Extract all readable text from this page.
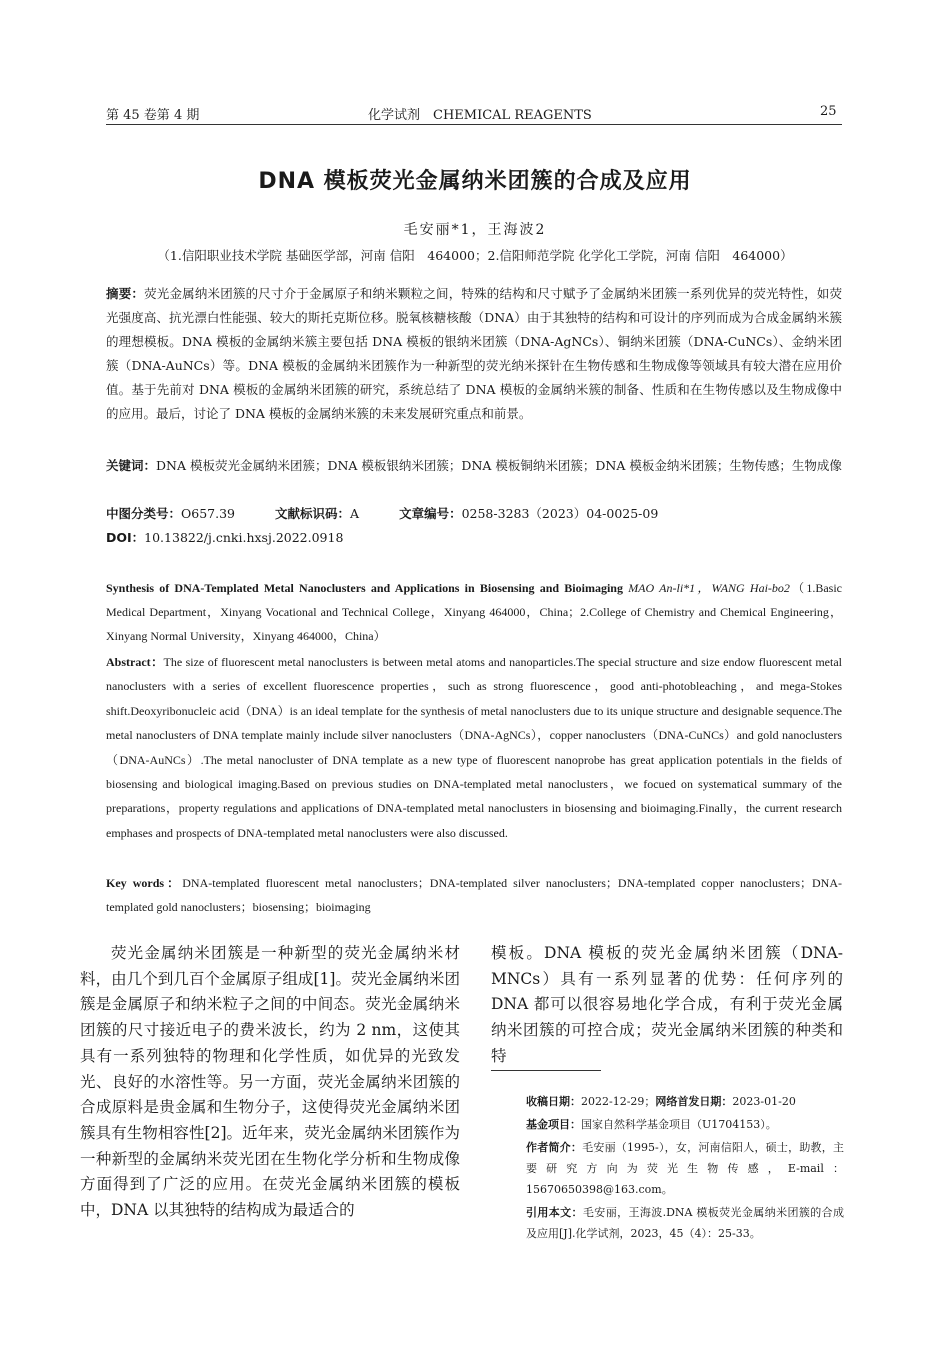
第 45 卷第 4 期	化学试剂　CHEMICAL REAGENTS	25
DNA 模板荧光金属纳米团簇的合成及应用
毛安丽*1，王海波2
（1.信阳职业技术学院 基础医学部，河南 信阳　464000；2.信阳师范学院 化学化工学院，河南 信阳　464000）
摘要：荧光金属纳米团簇的尺寸介于金属原子和纳米颗粒之间，特殊的结构和尺寸赋予了金属纳米团簇一系列优异的荧光特性，如荧光强度高、抗光漂白性能强、较大的斯托克斯位移。脱氧核糖核酸（DNA）由于其独特的结构和可设计的序列而成为合成金属纳米簇的理想模板。DNA 模板的金属纳米簇主要包括 DNA 模板的银纳米团簇（DNA-AgNCs）、铜纳米团簇（DNA-CuNCs）、金纳米团簇（DNA-AuNCs）等。DNA 模板的金属纳米团簇作为一种新型的荧光纳米探针在生物传感和生物成像等领域具有较大潜在应用价值。基于先前对 DNA 模板的金属纳米团簇的研究，系统总结了 DNA 模板的金属纳米簇的制备、性质和在生物传感以及生物成像中的应用。最后，讨论了 DNA 模板的金属纳米簇的未来发展研究重点和前景。
关键词：DNA 模板荧光金属纳米团簇；DNA 模板银纳米团簇；DNA 模板铜纳米团簇；DNA 模板金纳米团簇；生物传感；生物成像
中图分类号：O657.39	文献标识码：A	文章编号：0258-3283（2023）04-0025-09
DOI：10.13822/j.cnki.hxsj.2022.0918
Synthesis of DNA-Templated Metal Nanoclusters and Applications in Biosensing and Bioimaging MAO An-li*1，WANG Hai-bo2（1.Basic Medical Department，Xinyang Vocational and Technical College，Xinyang 464000，China；2.College of Chemistry and Chemical Engineering，Xinyang Normal University，Xinyang 464000，China）
Abstract：The size of fluorescent metal nanoclusters is between metal atoms and nanoparticles.The special structure and size endow fluorescent metal nanoclusters with a series of excellent fluorescence properties，such as strong fluorescence，good anti-photobleaching，and mega-Stokes shift.Deoxyribonucleic acid（DNA）is an ideal template for the synthesis of metal nanoclusters due to its unique structure and designable sequence.The metal nanoclusters of DNA template mainly include silver nanoclusters（DNA-AgNCs），copper nanoclusters（DNA-CuNCs）and gold nanoclusters（DNA-AuNCs）.The metal nanocluster of DNA template as a new type of fluorescent nanoprobe has great application potentials in the fields of biosensing and biological imaging.Based on previous studies on DNA-templated metal nanoclusters，we focued on systematical summary of the preparations，property regulations and applications of DNA-templated metal nanoclusters in biosensing and bioimaging.Finally，the current research emphases and prospects of DNA-templated metal nanoclusters were also discussed.
Key words：DNA-templated fluorescent metal nanoclusters；DNA-templated silver nanoclusters；DNA-templated copper nanoclusters；DNA-templated gold nanoclusters；biosensing；bioimaging

荧光金属纳米团簇是一种新型的荧光金属纳米材料，由几个到几百个金属原子组成[1]。荧光金属纳米团簇是金属原子和纳米粒子之间的中间态。荧光金属纳米团簇的尺寸接近电子的费米波长，约为 2 nm，这使其具有一系列独特的物理和化学性质，如优异的光致发光、良好的水溶性等。另一方面，荧光金属纳米团簇的合成原料是贵金属和生物分子，这使得荧光金属纳米团簇具有生物相容性[2]。近年来，荧光金属纳米团簇作为一种新型的金属纳米荧光团在生物化学分析和生物成像方面得到了广泛的应用。在荧光金属纳米团簇的模板中，DNA 以其独特的结构成为最适合的

模板。DNA 模板的荧光金属纳米团簇（DNA-MNCs）具有一系列显著的优势：任何序列的 DNA 都可以很容易地化学合成，有利于荧光金属纳米团簇的可控合成；荧光金属纳米团簇的种类和特

收稿日期：2022-12-29；网络首发日期：2023-01-20

基金项目：国家自然科学基金项目（U1704153）。

作者简介：毛安丽（1995-），女，河南信阳人，硕士，助教，主要研究方向为荧光生物传感，E-mail：15670650398@163.com。

引用本文：毛安丽，王海波.DNA 模板荧光金属纳米团簇的合成及应用[J].化学试剂，2023，45（4）：25-33。
